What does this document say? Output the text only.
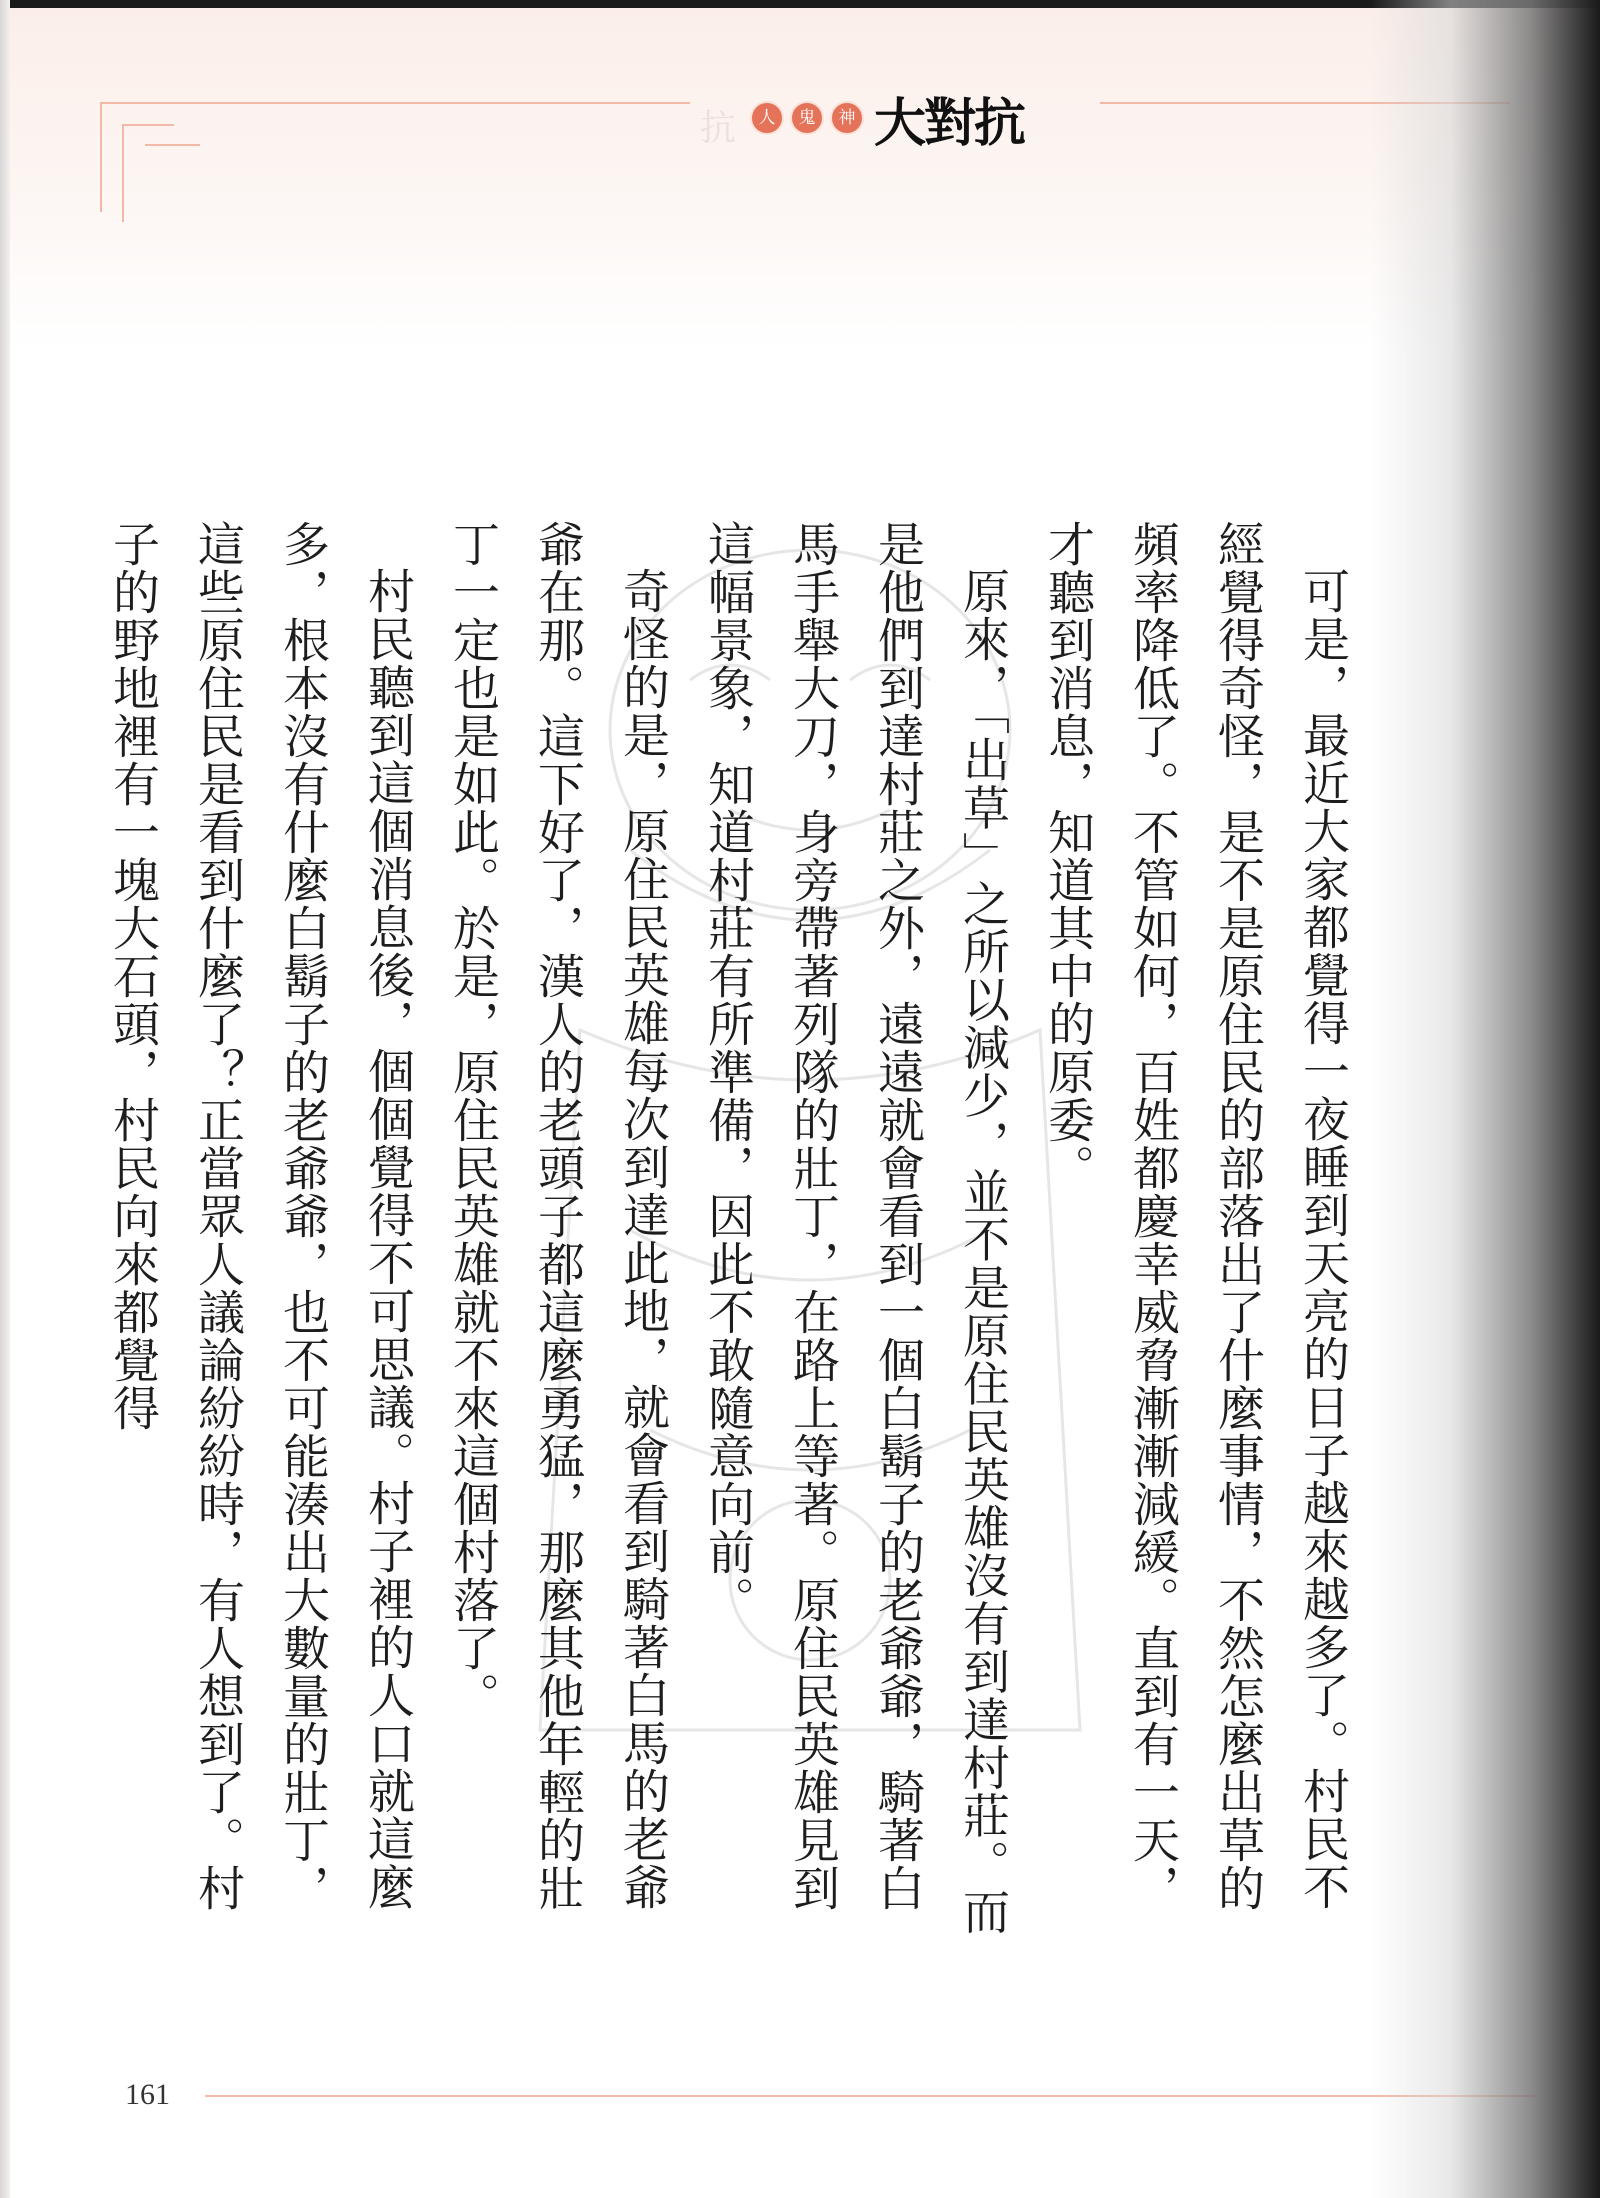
抗	人	鬼	神 大對抗

可是，最近大家都覺得一夜睡到天亮的日子越來越多了。村民不經覺得奇怪，是不是原住民的部落出了什麼事情，不然怎麼出草的頻率降低了。不管如何，百姓都慶幸威脅漸漸減緩。直到有一天，才聽到消息，知道其中的原委。

原來，「出草」之所以減少，並不是原住民英雄沒有到達村莊。而是他們到達村莊之外，遠遠就會看到一個白鬍子的老爺爺，騎著白馬手舉大刀，身旁帶著列隊的壯丁，在路上等著。原住民英雄見到這幅景象，知道村莊有所準備，因此不敢隨意向前。

奇怪的是，原住民英雄每次到達此地，就會看到騎著白馬的老爺爺在那。這下好了，漢人的老頭子都這麼勇猛，那麼其他年輕的壯丁一定也是如此。於是，原住民英雄就不來這個村落了。

村民聽到這個消息後，個個覺得不可思議。村子裡的人口就這麼多，根本沒有什麼白鬍子的老爺爺，也不可能湊出大數量的壯丁，這些原住民是看到什麼了？正當眾人議論紛紛時，有人想到了。村子的野地裡有一塊大石頭，村民向來都覺得

161
